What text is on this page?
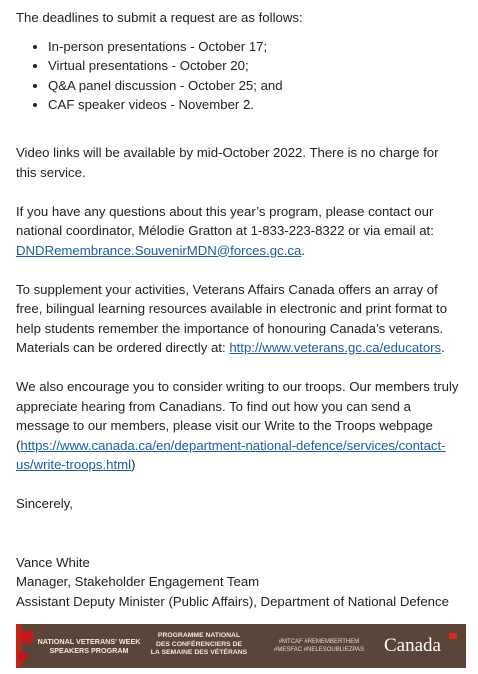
The deadlines to submit a request are as follows:

• In-person presentations - October 17;
• Virtual presentations - October 20;
• Q&A panel discussion - October 25; and
• CAF speaker videos - November 2.

Video links will be available by mid-October 2022. There is no charge for this service.

If you have any questions about this year’s program, please contact our national coordinator, Mélodie Gratton at 1-833-223-8322 or via email at: DNDRemembrance.SouvenirMDN@forces.gc.ca.

To supplement your activities, Veterans Affairs Canada offers an array of free, bilingual learning resources available in electronic and print format to help students remember the importance of honouring Canada’s veterans. Materials can be ordered directly at: http://www.veterans.gc.ca/educators.

We also encourage you to consider writing to our troops. Our members truly appreciate hearing from Canadians. To find out how you can send a message to our members, please visit our Write to the Troops webpage (https://www.canada.ca/en/department-national-defence/services/contact-us/write-troops.html)

Sincerely,

Vance White

Manager, Stakeholder Engagement Team

Assistant Deputy Minister (Public Affairs), Department of National Defence

NATIONAL VETERANS' WEEK
SPEAKERS PROGRAM
PROGRAMME NATIONAL
DES CONFÉRENCIERS DE
LA SEMAINE DES VÉTÉRANS
#MTCAF #REMEMBERTHEM
#MESFAC #NELESOUBLIEZPAS	Canada
